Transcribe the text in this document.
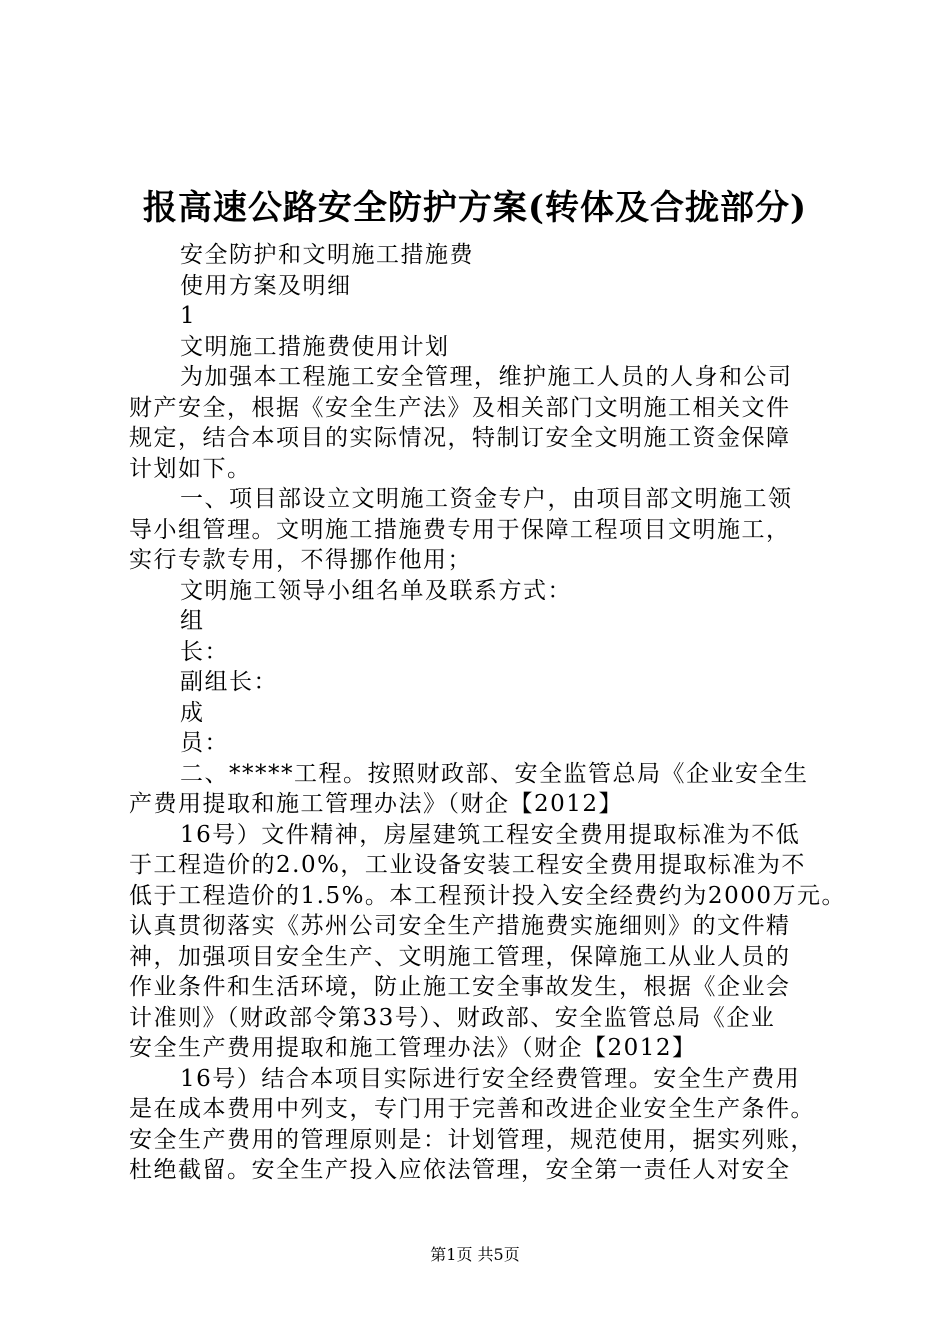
报高速公路安全防护方案(转体及合拢部分)
安全防护和文明施工措施费
使用方案及明细
1
文明施工措施费使用计划
为加强本工程施工安全管理，维护施工人员的人身和公司
财产安全，根据《安全生产法》及相关部门文明施工相关文件
规定，结合本项目的实际情况，特制订安全文明施工资金保障
计划如下。
一、项目部设立文明施工资金专户，由项目部文明施工领
导小组管理。文明施工措施费专用于保障工程项目文明施工，
实行专款专用，不得挪作他用；
文明施工领导小组名单及联系方式：
组
长：
副组长：
成
员：
二、*****工程。按照财政部、安全监管总局《企业安全生
产费用提取和施工管理办法》（财企【2012】
16号）文件精神，房屋建筑工程安全费用提取标准为不低
于工程造价的2.0%，工业设备安装工程安全费用提取标准为不
低于工程造价的1.5%。本工程预计投入安全经费约为2000万元。
认真贯彻落实《苏州公司安全生产措施费实施细则》的文件精
神，加强项目安全生产、文明施工管理，保障施工从业人员的
作业条件和生活环境，防止施工安全事故发生，根据《企业会
计准则》（财政部令第33号）、财政部、安全监管总局《企业
安全生产费用提取和施工管理办法》（财企【2012】
16号）结合本项目实际进行安全经费管理。安全生产费用
是在成本费用中列支，专门用于完善和改进企业安全生产条件。
安全生产费用的管理原则是：计划管理，规范使用，据实列账，
杜绝截留。安全生产投入应依法管理，安全第一责任人对安全
第1页 共5页
